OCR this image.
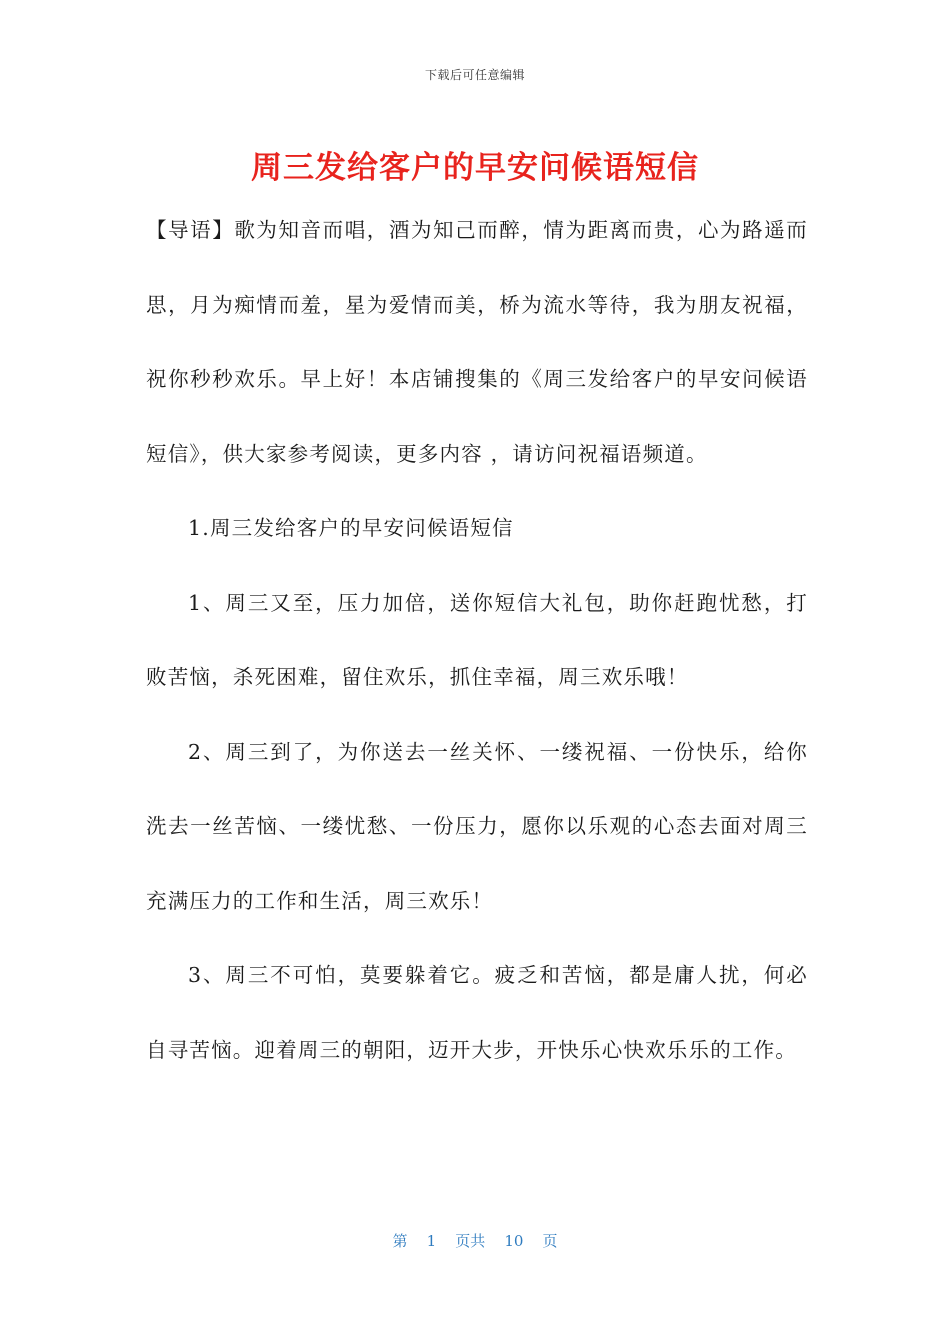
下载后可任意编辑
周三发给客户的早安问候语短信

【导语】歌为知音而唱，酒为知己而醉，情为距离而贵，心为路遥而思，月为痴情而羞，星为爱情而美，桥为流水等待，我为朋友祝福，祝你秒秒欢乐。早上好！本店铺搜集的《周三发给客户的早安问候语短信》，供大家参考阅读，更多内容 ，请访问祝福语频道。

1.周三发给客户的早安问候语短信

1、周三又至，压力加倍，送你短信大礼包，助你赶跑忧愁，打败苦恼，杀死困难，留住欢乐，抓住幸福，周三欢乐哦！

2、周三到了，为你送去一丝关怀、一缕祝福、一份快乐，给你洗去一丝苦恼、一缕忧愁、一份压力，愿你以乐观的心态去面对周三充满压力的工作和生活，周三欢乐！

3、周三不可怕，莫要躲着它。疲乏和苦恼，都是庸人扰，何必自寻苦恼。迎着周三的朝阳，迈开大步，开快乐心快欢乐乐的工作。

第 1 页共 10 页
